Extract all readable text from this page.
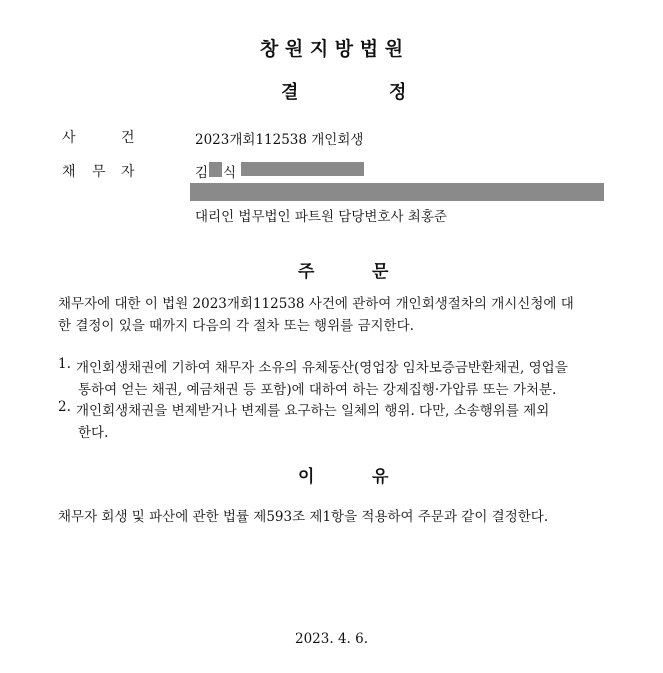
창 원 지 방 법 원
결	정
사	건	2023개회112538 개인회생
채 무 자	김 식
대리인 법무법인 파트원 담당변호사 최홍준
주	문
채무자에 대한 이 법원 2023개회112538 사건에 관하여 개인회생절차의 개시신청에 대
한 결정이 있을 때까지 다음의 각 절차 또는 행위를 금지한다.
1. 개인회생채권에 기하여 채무자 소유의 유체동산(영업장 임차보증금반환채권, 영업을
통하여 얻는 채권, 예금채권 등 포함)에 대하여 하는 강제집행·가압류 또는 가처분.
2. 개인회생채권을 변제받거나 변제를 요구하는 일체의 행위. 다만, 소송행위를 제외
한다.
이	유
채무자 회생 및 파산에 관한 법률 제593조 제1항을 적용하여 주문과 같이 결정한다.
2023. 4. 6.
